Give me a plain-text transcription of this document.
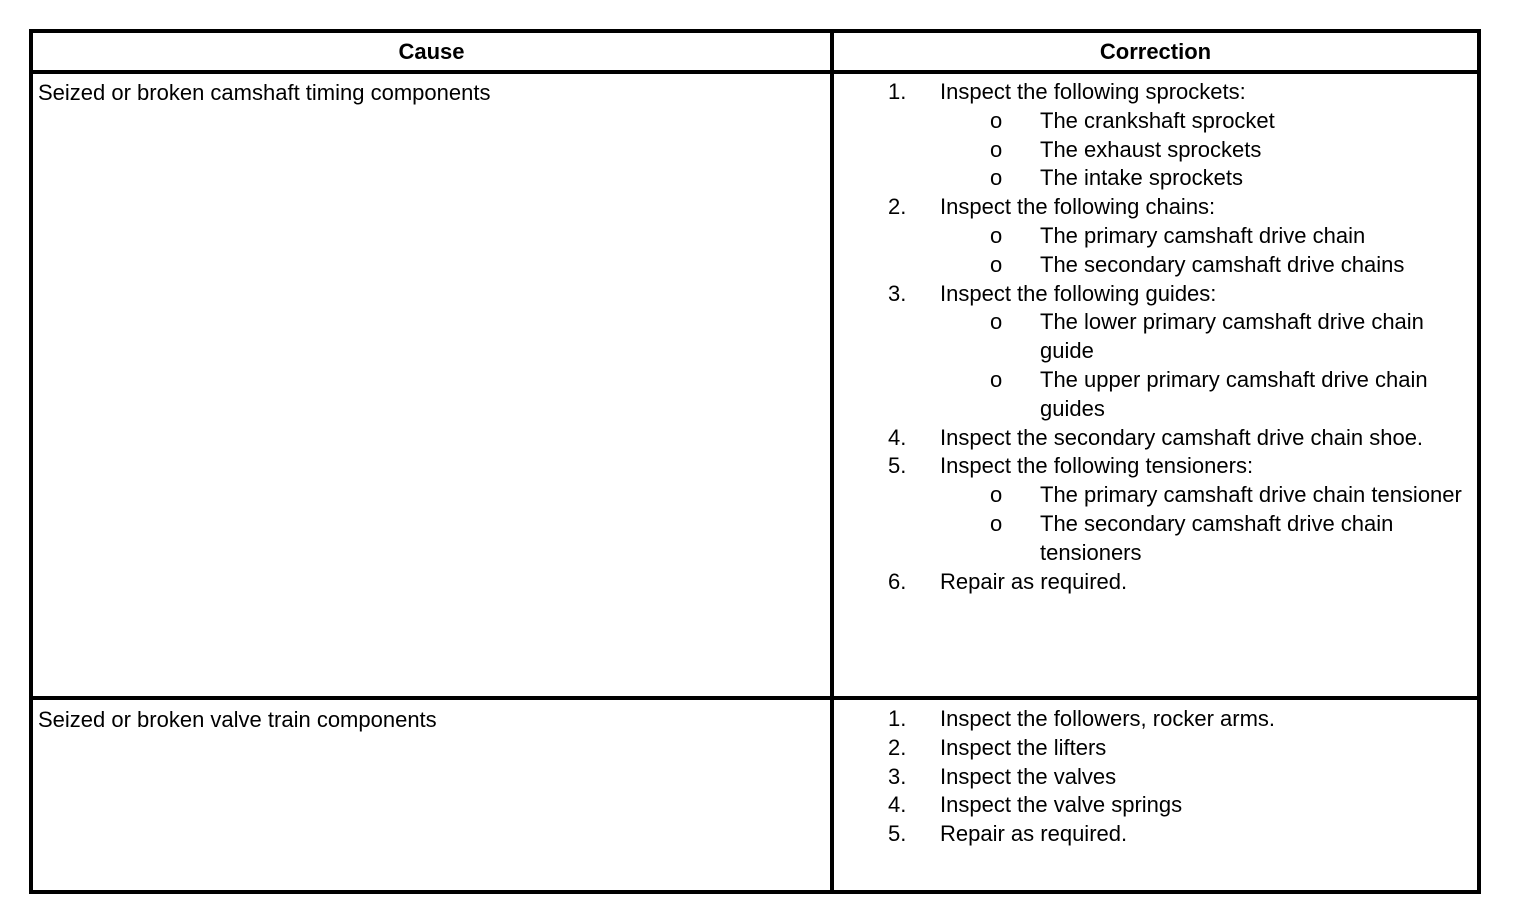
Cause	Correction
Seized or broken camshaft timing components	1. Inspect the following sprockets:
o The crankshaft sprocket
o The exhaust sprockets
o The intake sprockets
2. Inspect the following chains:
o The primary camshaft drive chain
o The secondary camshaft drive chains
3. Inspect the following guides:
o The lower primary camshaft drive chain guide
o The upper primary camshaft drive chain guides
4. Inspect the secondary camshaft drive chain shoe.
5. Inspect the following tensioners:
o The primary camshaft drive chain tensioner
o The secondary camshaft drive chain tensioners
6. Repair as required.
Seized or broken valve train components	1. Inspect the followers, rocker arms.
2. Inspect the lifters
3. Inspect the valves
4. Inspect the valve springs
5. Repair as required.
